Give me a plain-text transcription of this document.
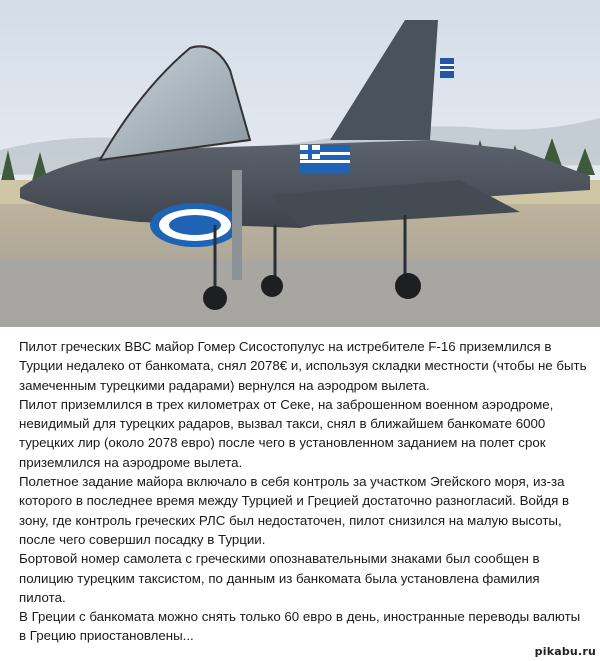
Пилот греческих ВВС майор Гомер Сисостопулус на истребителе F-16 приземлился в Турции недалеко от банкомата, снял 2078€ и, используя складки местности (чтобы не быть замеченным турецкими радарами) вернулся на аэродром вылета.

Пилот приземлился в трех километрах от Секе, на заброшенном военном аэродроме, невидимый для турецких радаров, вызвал такси, снял в ближайшем банкомате 6000 турецких лир (около 2078 евро) после чего в установленном заданием на полет срок приземлился на аэродроме вылета.

Полетное задание майора включало в себя контроль за участком Эгейского моря, из-за которого в последнее время между Турцией и Грецией достаточно разногласий. Войдя в зону, где контроль греческих РЛС был недостаточен, пилот снизился на малую высоты, после чего совершил посадку в Турции.

Бортовой номер самолета с греческими опознавательными знаками был сообщен в полицию турецким таксистом, по данным из банкомата была установлена фамилия пилота.

В Греции с банкомата можно снять только 60 евро в день, иностранные переводы валюты в Грецию приостановлены...

pikabu.ru
